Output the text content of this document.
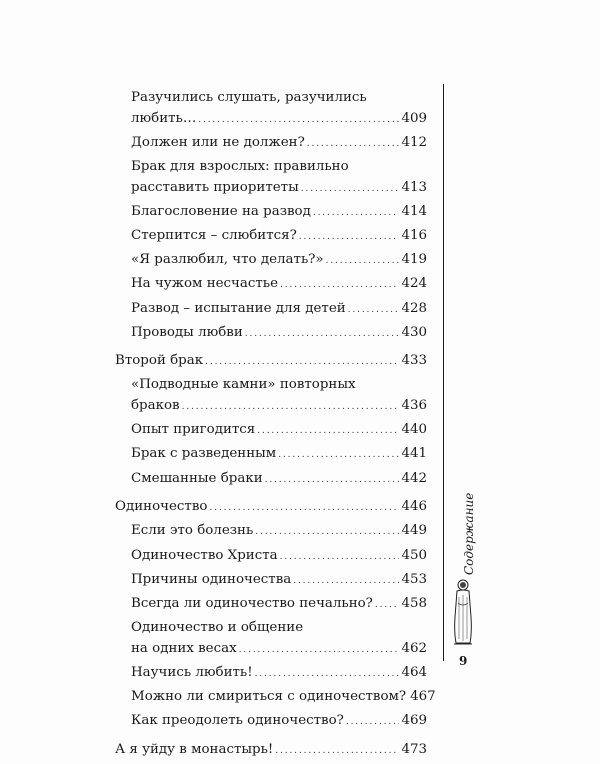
Разучились слушать, разучились
любить… . . .	409
Должен или не должен? . . .	412
Брак для взрослых: правильно
расставить приоритеты . . .	413
Благословение на развод . . .	414
Стерпится – слюбится? . . .	416
«Я разлюбил, что делать?» . . .	419
На чужом несчастье . . .	424
Развод – испытание для детей . . .	428
Проводы любви . . .	430
Второй брак . . .	433
«Подводные камни» повторных
браков . . .	436
Опыт пригодится . . .	440
Брак с разведенным . . .	441
Смешанные браки . . .	442
Одиночество . . .	446
Если это болезнь . . .	449
Одиночество Христа . . .	450
Причины одиночества . . .	453
Всегда ли одиночество печально? . . . 458
Одиночество и общение
на одних весах . . .	462
Научись любить! . . .	464
Можно ли смириться с одиночеством? 467
Как преодолеть одиночество? . . .	469
А я уйду в монастырь! . . .	473
Содержание
9
